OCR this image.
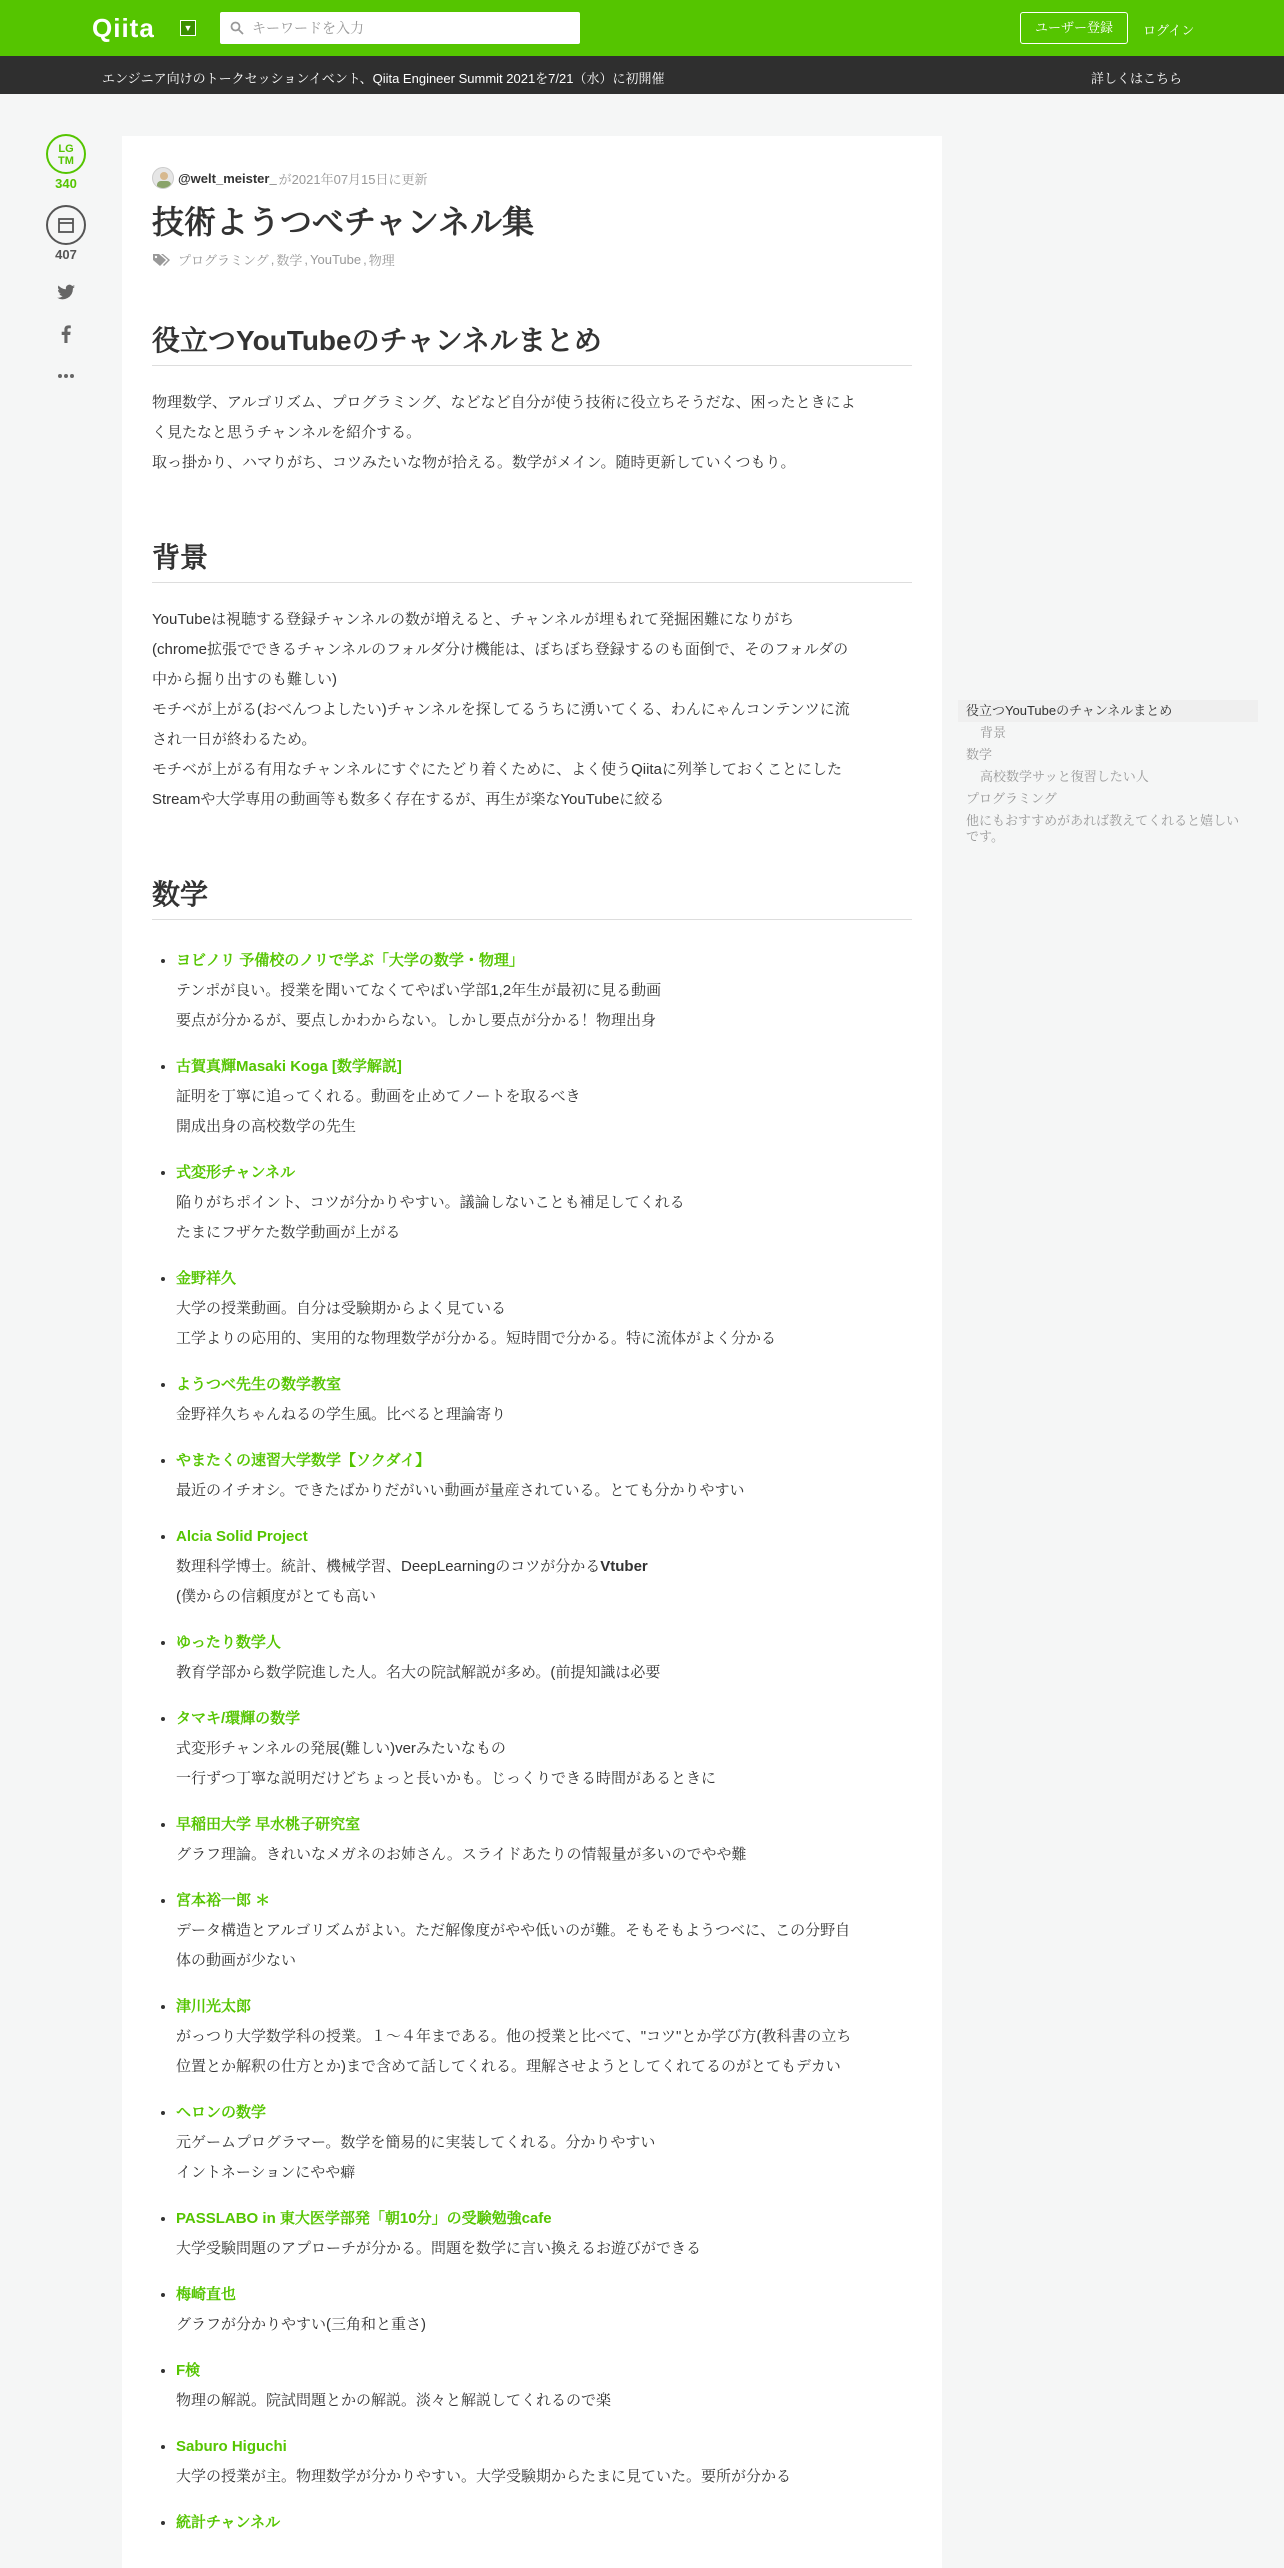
Qiita	▼
キーワードを入力	ユーザー登録	ログイン
エンジニア向けのトークセッションイベント、Qiita Engineer Summit 2021を7/21（水）に初開催	詳しくはこちら
LG
TM
340
407
@welt_meister_ が2021年07月15日に更新
技術ようつべチャンネル集
プログラミング , 数学 , YouTube , 物理
役立つYouTubeのチャンネルまとめ
物理数学、アルゴリズム、プログラミング、などなど自分が使う技術に役立ちそうだな、困ったときによ
く見たなと思うチャンネルを紹介する。
取っ掛かり、ハマりがち、コツみたいな物が拾える。数学がメイン。随時更新していくつもり。
背景
YouTubeは視聴する登録チャンネルの数が増えると、チャンネルが埋もれて発掘困難になりがち
(chrome拡張でできるチャンネルのフォルダ分け機能は、ぼちぼち登録するのも面倒で、そのフォルダの
中から掘り出すのも難しい)
モチベが上がる(おべんつよしたい)チャンネルを探してるうちに湧いてくる、わんにゃんコンテンツに流
され一日が終わるため。
モチベが上がる有用なチャンネルにすぐにたどり着くために、よく使うQiitaに列挙しておくことにした
Streamや大学専用の動画等も数多く存在するが、再生が楽なYouTubeに絞る
数学
• ヨビノリ 予備校のノリで学ぶ「大学の数学・物理」
テンポが良い。授業を聞いてなくてやばい学部1,2年生が最初に見る動画
要点が分かるが、要点しかわからない。しかし要点が分かる！物理出身
• 古賀真輝Masaki Koga [数学解説]
証明を丁寧に追ってくれる。動画を止めてノートを取るべき
開成出身の高校数学の先生
• 式変形チャンネル
陥りがちポイント、コツが分かりやすい。議論しないことも補足してくれる
たまにフザケた数学動画が上がる
• 金野祥久
大学の授業動画。自分は受験期からよく見ている
工学よりの応用的、実用的な物理数学が分かる。短時間で分かる。特に流体がよく分かる
• ようつべ先生の数学教室
金野祥久ちゃんねるの学生風。比べると理論寄り
• やまたくの速習大学数学【ソクダイ】
最近のイチオシ。できたばかりだがいい動画が量産されている。とても分かりやすい
• Alcia Solid Project
数理科学博士。統計、機械学習、DeepLearningのコツが分かるVtuber
(僕からの信頼度がとても高い
• ゆったり数学人
教育学部から数学院進した人。名大の院試解説が多め。(前提知識は必要
• タマキ/環輝の数学
式変形チャンネルの発展(難しい)verみたいなもの
一行ずつ丁寧な説明だけどちょっと長いかも。じっくりできる時間があるときに
• 早稲田大学 早水桃子研究室
グラフ理論。きれいなメガネのお姉さん。スライドあたりの情報量が多いのでやや難
• 宮本裕一郎 ＊
データ構造とアルゴリズムがよい。ただ解像度がやや低いのが難。そもそもようつべに、この分野自
体の動画が少ない
• 津川光太郎
がっつり大学数学科の授業。１〜４年まである。他の授業と比べて、"コツ"とか学び方(教科書の立ち
位置とか解釈の仕方とか)まで含めて話してくれる。理解させようとしてくれてるのがとてもデカい
• ヘロンの数学
元ゲームプログラマー。数学を簡易的に実装してくれる。分かりやすい
イントネーションにやや癖
• PASSLABO in 東大医学部発「朝10分」の受験勉強cafe
大学受験問題のアプローチが分かる。問題を数学に言い換えるお遊びができる
• 梅崎直也
グラフが分かりやすい(三角和と重さ)
• F検
物理の解説。院試問題とかの解説。淡々と解説してくれるので楽
• Saburo Higuchi
大学の授業が主。物理数学が分かりやすい。大学受験期からたまに見ていた。要所が分かる
• 統計チャンネル
役立つYouTubeのチャンネルまとめ
背景
数学
高校数学サッと復習したい人
プログラミング
他にもおすすめがあれば教えてくれると嬉しいです。
